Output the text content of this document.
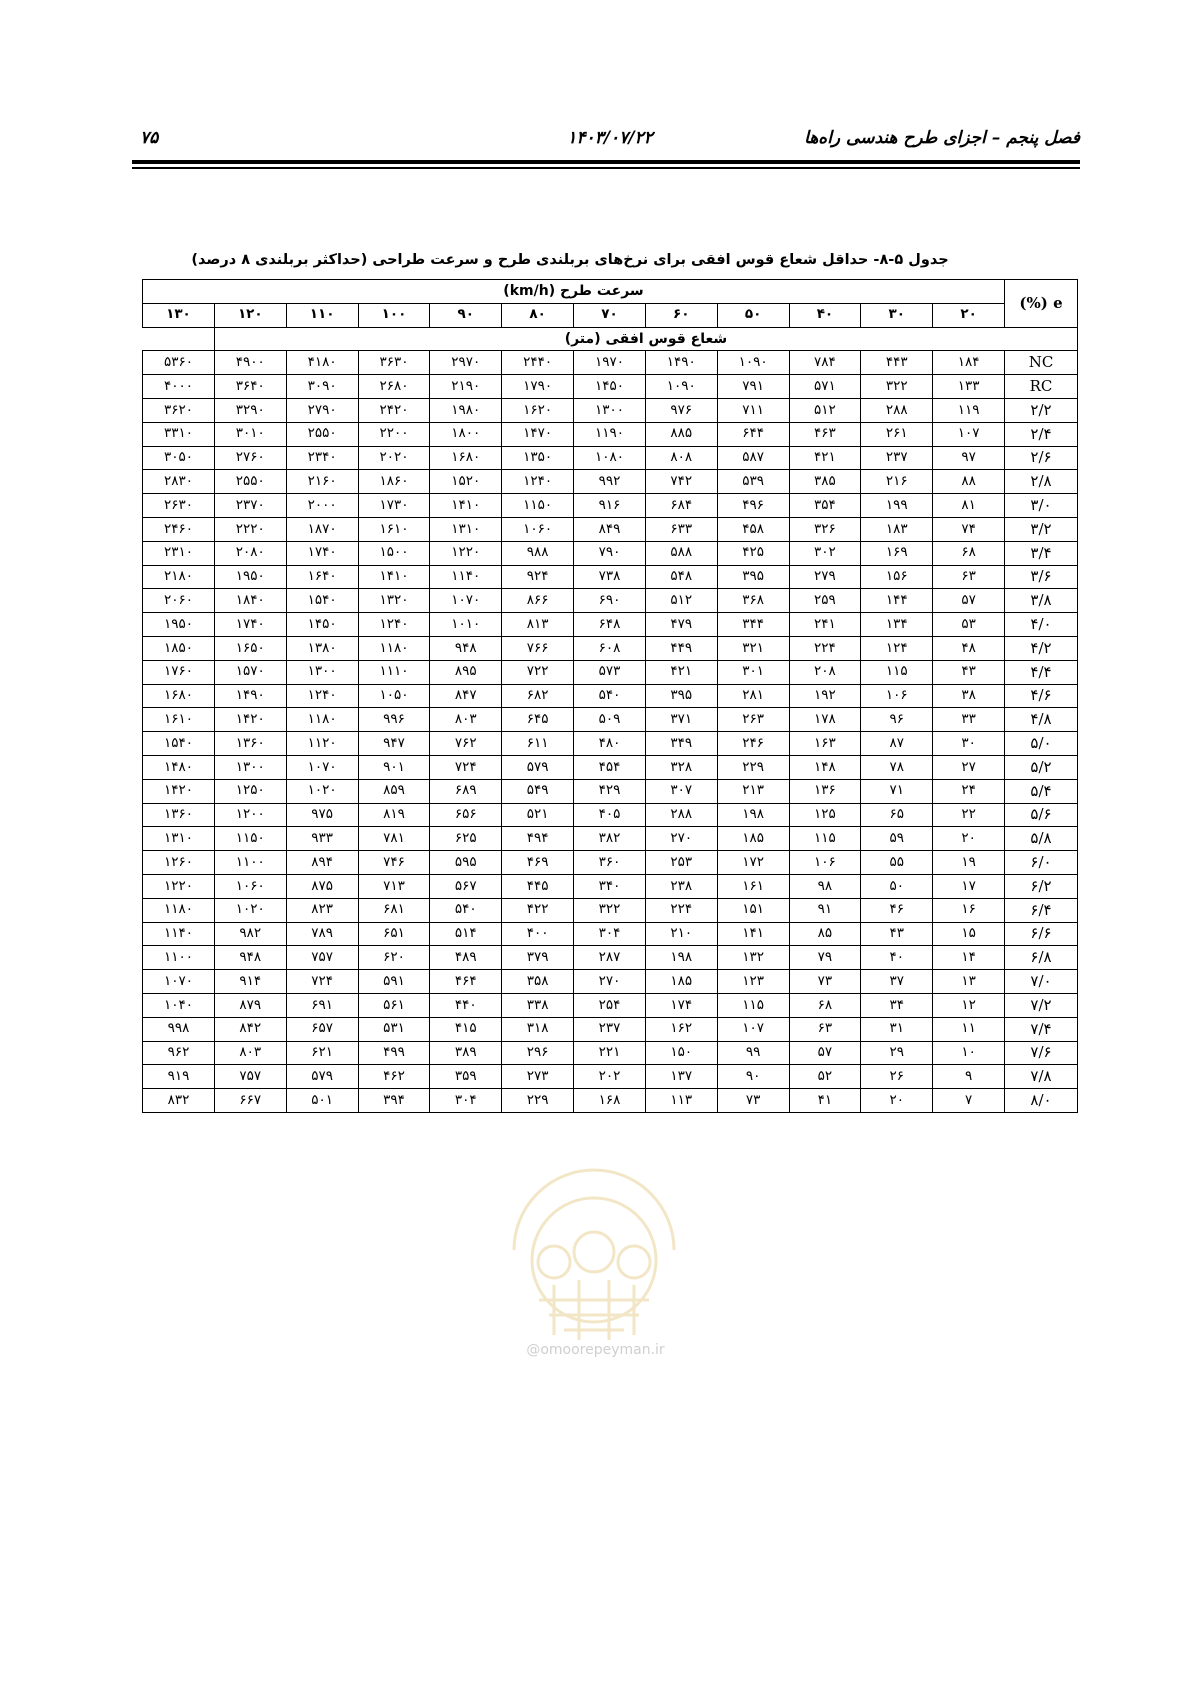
فصل پنجم – اجزای طرح هندسی راه‌ها
۱۴۰۳/۰۷/۲۲
۷۵
جدول ۵-۸- حداقل شعاع قوس افقی برای نرخ‌های بربلندی طرح و سرعت طراحی (حداکثر بربلندی ۸ درصد)
e (%)	سرعت طرح (km/h)											
	۲۰	۳۰	۴۰	۵۰	۶۰	۷۰	۸۰	۹۰	۱۰۰	۱۱۰	۱۲۰	۱۳۰
شعاع قوس افقی (متر)												
NC	۱۸۴	۴۴۳	۷۸۴	۱۰۹۰	۱۴۹۰	۱۹۷۰	۲۴۴۰	۲۹۷۰	۳۶۳۰	۴۱۸۰	۴۹۰۰	۵۳۶۰
RC	۱۳۳	۳۲۲	۵۷۱	۷۹۱	۱۰۹۰	۱۴۵۰	۱۷۹۰	۲۱۹۰	۲۶۸۰	۳۰۹۰	۳۶۴۰	۴۰۰۰
۲/۲	۱۱۹	۲۸۸	۵۱۲	۷۱۱	۹۷۶	۱۳۰۰	۱۶۲۰	۱۹۸۰	۲۴۲۰	۲۷۹۰	۳۲۹۰	۳۶۲۰
۲/۴	۱۰۷	۲۶۱	۴۶۳	۶۴۴	۸۸۵	۱۱۹۰	۱۴۷۰	۱۸۰۰	۲۲۰۰	۲۵۵۰	۳۰۱۰	۳۳۱۰
۲/۶	۹۷	۲۳۷	۴۲۱	۵۸۷	۸۰۸	۱۰۸۰	۱۳۵۰	۱۶۸۰	۲۰۲۰	۲۳۴۰	۲۷۶۰	۳۰۵۰
۲/۸	۸۸	۲۱۶	۳۸۵	۵۳۹	۷۴۲	۹۹۲	۱۲۴۰	۱۵۲۰	۱۸۶۰	۲۱۶۰	۲۵۵۰	۲۸۳۰
۳/۰	۸۱	۱۹۹	۳۵۴	۴۹۶	۶۸۴	۹۱۶	۱۱۵۰	۱۴۱۰	۱۷۳۰	۲۰۰۰	۲۳۷۰	۲۶۳۰
۳/۲	۷۴	۱۸۳	۳۲۶	۴۵۸	۶۳۳	۸۴۹	۱۰۶۰	۱۳۱۰	۱۶۱۰	۱۸۷۰	۲۲۲۰	۲۴۶۰
۳/۴	۶۸	۱۶۹	۳۰۲	۴۲۵	۵۸۸	۷۹۰	۹۸۸	۱۲۲۰	۱۵۰۰	۱۷۴۰	۲۰۸۰	۲۳۱۰
۳/۶	۶۳	۱۵۶	۲۷۹	۳۹۵	۵۴۸	۷۳۸	۹۲۴	۱۱۴۰	۱۴۱۰	۱۶۴۰	۱۹۵۰	۲۱۸۰
۳/۸	۵۷	۱۴۴	۲۵۹	۳۶۸	۵۱۲	۶۹۰	۸۶۶	۱۰۷۰	۱۳۲۰	۱۵۴۰	۱۸۴۰	۲۰۶۰
۴/۰	۵۳	۱۳۴	۲۴۱	۳۴۴	۴۷۹	۶۴۸	۸۱۳	۱۰۱۰	۱۲۴۰	۱۴۵۰	۱۷۴۰	۱۹۵۰
۴/۲	۴۸	۱۲۴	۲۲۴	۳۲۱	۴۴۹	۶۰۸	۷۶۶	۹۴۸	۱۱۸۰	۱۳۸۰	۱۶۵۰	۱۸۵۰
۴/۴	۴۳	۱۱۵	۲۰۸	۳۰۱	۴۲۱	۵۷۳	۷۲۲	۸۹۵	۱۱۱۰	۱۳۰۰	۱۵۷۰	۱۷۶۰
۴/۶	۳۸	۱۰۶	۱۹۲	۲۸۱	۳۹۵	۵۴۰	۶۸۲	۸۴۷	۱۰۵۰	۱۲۴۰	۱۴۹۰	۱۶۸۰
۴/۸	۳۳	۹۶	۱۷۸	۲۶۳	۳۷۱	۵۰۹	۶۴۵	۸۰۳	۹۹۶	۱۱۸۰	۱۴۲۰	۱۶۱۰
۵/۰	۳۰	۸۷	۱۶۳	۲۴۶	۳۴۹	۴۸۰	۶۱۱	۷۶۲	۹۴۷	۱۱۲۰	۱۳۶۰	۱۵۴۰
۵/۲	۲۷	۷۸	۱۴۸	۲۲۹	۳۲۸	۴۵۴	۵۷۹	۷۲۴	۹۰۱	۱۰۷۰	۱۳۰۰	۱۴۸۰
۵/۴	۲۴	۷۱	۱۳۶	۲۱۳	۳۰۷	۴۲۹	۵۴۹	۶۸۹	۸۵۹	۱۰۲۰	۱۲۵۰	۱۴۲۰
۵/۶	۲۲	۶۵	۱۲۵	۱۹۸	۲۸۸	۴۰۵	۵۲۱	۶۵۶	۸۱۹	۹۷۵	۱۲۰۰	۱۳۶۰
۵/۸	۲۰	۵۹	۱۱۵	۱۸۵	۲۷۰	۳۸۲	۴۹۴	۶۲۵	۷۸۱	۹۳۳	۱۱۵۰	۱۳۱۰
۶/۰	۱۹	۵۵	۱۰۶	۱۷۲	۲۵۳	۳۶۰	۴۶۹	۵۹۵	۷۴۶	۸۹۴	۱۱۰۰	۱۲۶۰
۶/۲	۱۷	۵۰	۹۸	۱۶۱	۲۳۸	۳۴۰	۴۴۵	۵۶۷	۷۱۳	۸۷۵	۱۰۶۰	۱۲۲۰
۶/۴	۱۶	۴۶	۹۱	۱۵۱	۲۲۴	۳۲۲	۴۲۲	۵۴۰	۶۸۱	۸۲۳	۱۰۲۰	۱۱۸۰
۶/۶	۱۵	۴۳	۸۵	۱۴۱	۲۱۰	۳۰۴	۴۰۰	۵۱۴	۶۵۱	۷۸۹	۹۸۲	۱۱۴۰
۶/۸	۱۴	۴۰	۷۹	۱۳۲	۱۹۸	۲۸۷	۳۷۹	۴۸۹	۶۲۰	۷۵۷	۹۴۸	۱۱۰۰
۷/۰	۱۳	۳۷	۷۳	۱۲۳	۱۸۵	۲۷۰	۳۵۸	۴۶۴	۵۹۱	۷۲۴	۹۱۴	۱۰۷۰
۷/۲	۱۲	۳۴	۶۸	۱۱۵	۱۷۴	۲۵۴	۳۳۸	۴۴۰	۵۶۱	۶۹۱	۸۷۹	۱۰۴۰
۷/۴	۱۱	۳۱	۶۳	۱۰۷	۱۶۲	۲۳۷	۳۱۸	۴۱۵	۵۳۱	۶۵۷	۸۴۲	۹۹۸
۷/۶	۱۰	۲۹	۵۷	۹۹	۱۵۰	۲۲۱	۲۹۶	۳۸۹	۴۹۹	۶۲۱	۸۰۳	۹۶۲
۷/۸	۹	۲۶	۵۲	۹۰	۱۳۷	۲۰۲	۲۷۳	۳۵۹	۴۶۲	۵۷۹	۷۵۷	۹۱۹
۸/۰	۷	۲۰	۴۱	۷۳	۱۱۳	۱۶۸	۲۲۹	۳۰۴	۳۹۴	۵۰۱	۶۶۷	۸۳۲
@omoorepeyman.ir
